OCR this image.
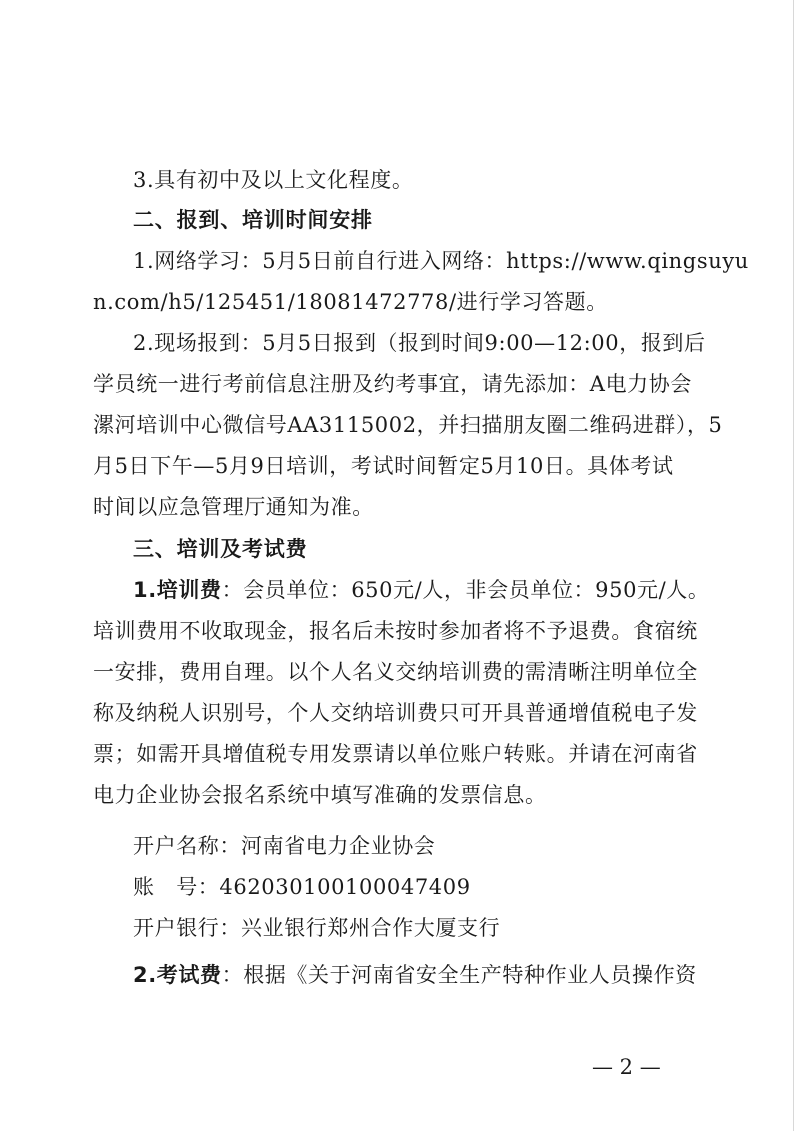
3.具有初中及以上文化程度。
二、报到、培训时间安排
1.网络学习：5月5日前自行进入网络：https://www.qingsuyu
n.com/h5/125451/18081472778/进行学习答题。
2.现场报到：5月5日报到（报到时间9:00—12:00，报到后
学员统一进行考前信息注册及约考事宜，请先添加：A电力协会
漯河培训中心微信号AA3115002，并扫描朋友圈二维码进群），5
月5日下午—5月9日培训，考试时间暂定5月10日。具体考试
时间以应急管理厅通知为准。
三、培训及考试费
1.培训费：会员单位：650元/人，非会员单位：950元/人。
培训费用不收取现金，报名后未按时参加者将不予退费。食宿统
一安排，费用自理。以个人名义交纳培训费的需清晰注明单位全
称及纳税人识别号，个人交纳培训费只可开具普通增值税电子发
票；如需开具增值税专用发票请以单位账户转账。并请在河南省
电力企业协会报名系统中填写准确的发票信息。
开户名称：河南省电力企业协会
账　号：462030100100047409
开户银行：兴业银行郑州合作大厦支行
2.考试费：根据《关于河南省安全生产特种作业人员操作资
— 2 —
